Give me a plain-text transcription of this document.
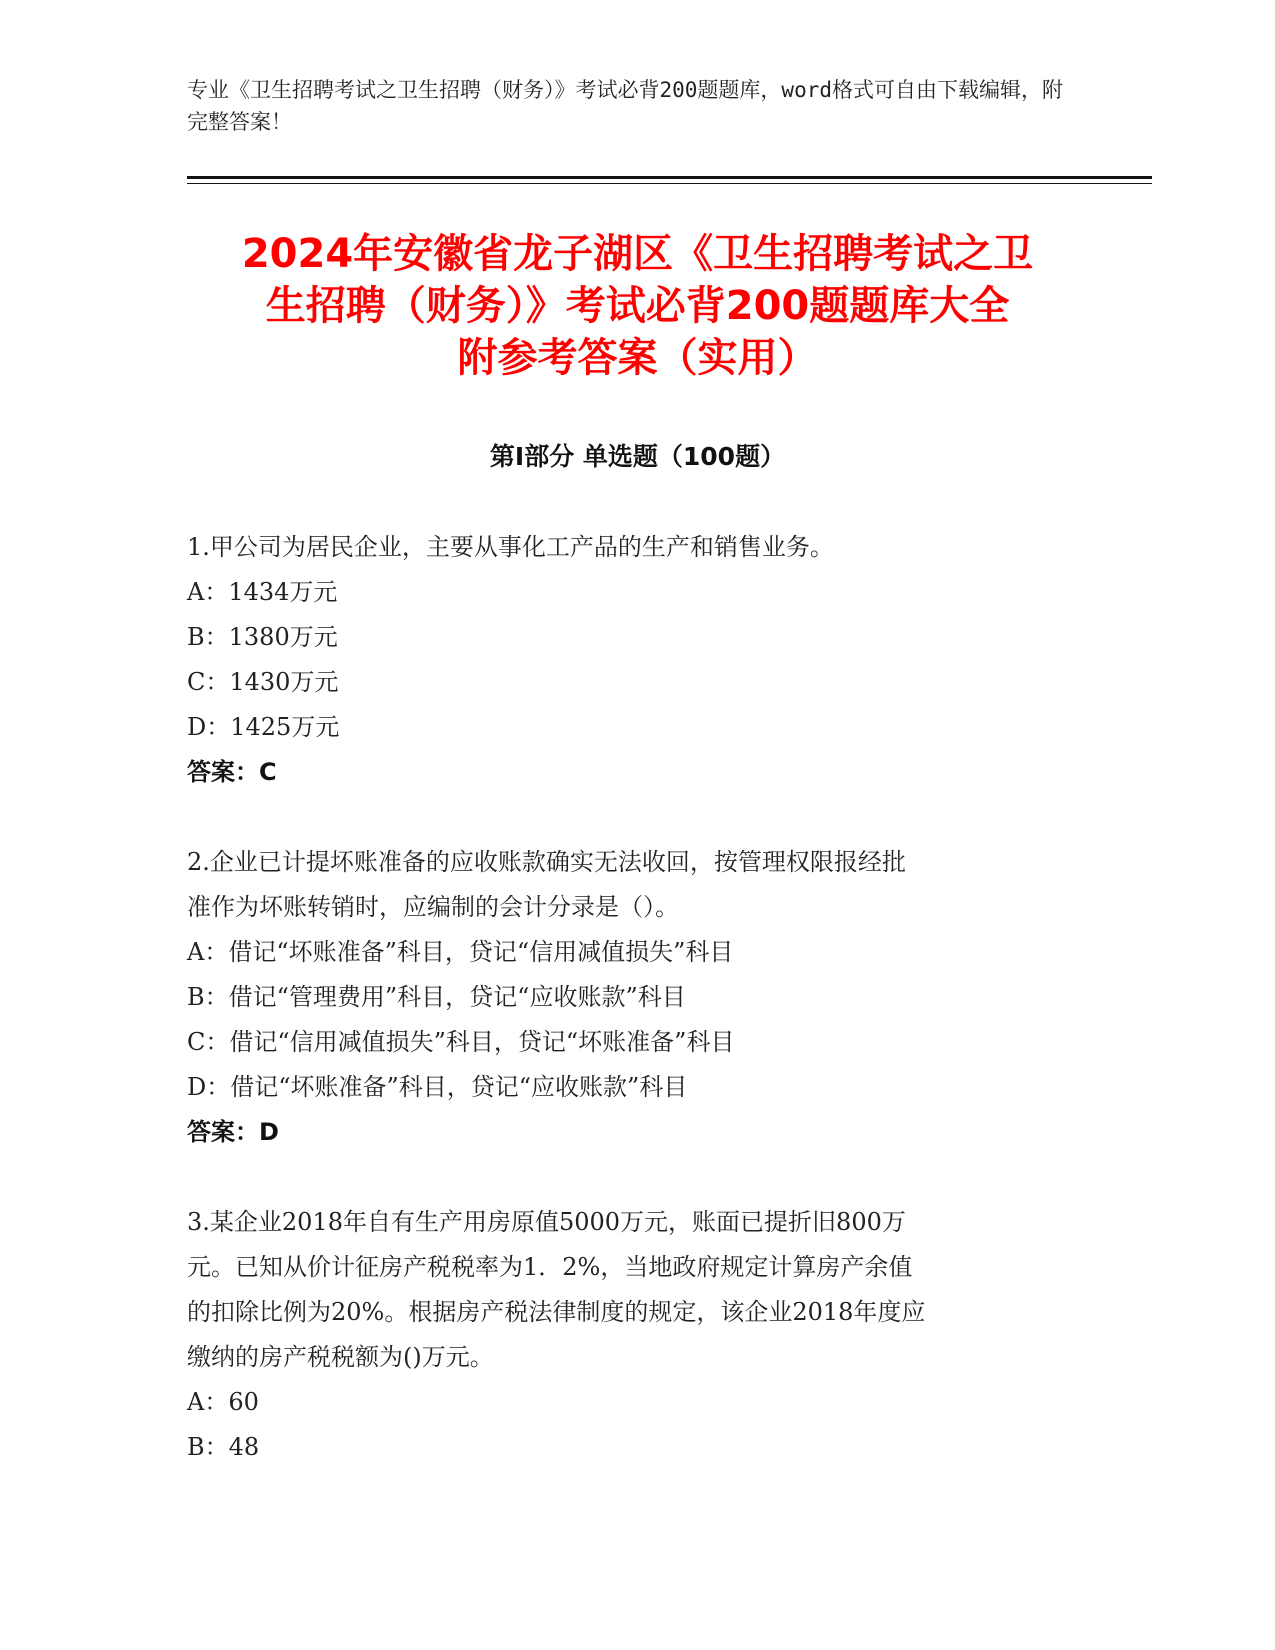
专业《卫生招聘考试之卫生招聘（财务）》考试必背200题题库，word格式可自由下载编辑，附完整答案！
2024年安徽省龙子湖区《卫生招聘考试之卫
生招聘（财务）》考试必背200题题库大全
附参考答案（实用）
第Ⅰ部分 单选题（100题）
1.甲公司为居民企业，主要从事化工产品的生产和销售业务。
A：1434万元
B：1380万元
C：1430万元
D：1425万元
答案：C
2.企业已计提坏账准备的应收账款确实无法收回，按管理权限报经批
准作为坏账转销时，应编制的会计分录是（）。
A：借记“坏账准备”科目，贷记“信用减值损失”科目
B：借记“管理费用”科目，贷记“应收账款”科目
C：借记“信用减值损失”科目，贷记“坏账准备”科目
D：借记“坏账准备”科目，贷记“应收账款”科目
答案：D
3.某企业2018年自有生产用房原值5000万元，账面已提折旧800万
元。已知从价计征房产税税率为1．2%，当地政府规定计算房产余值
的扣除比例为20%。根据房产税法律制度的规定，该企业2018年度应
缴纳的房产税税额为()万元。
A：60
B：48
